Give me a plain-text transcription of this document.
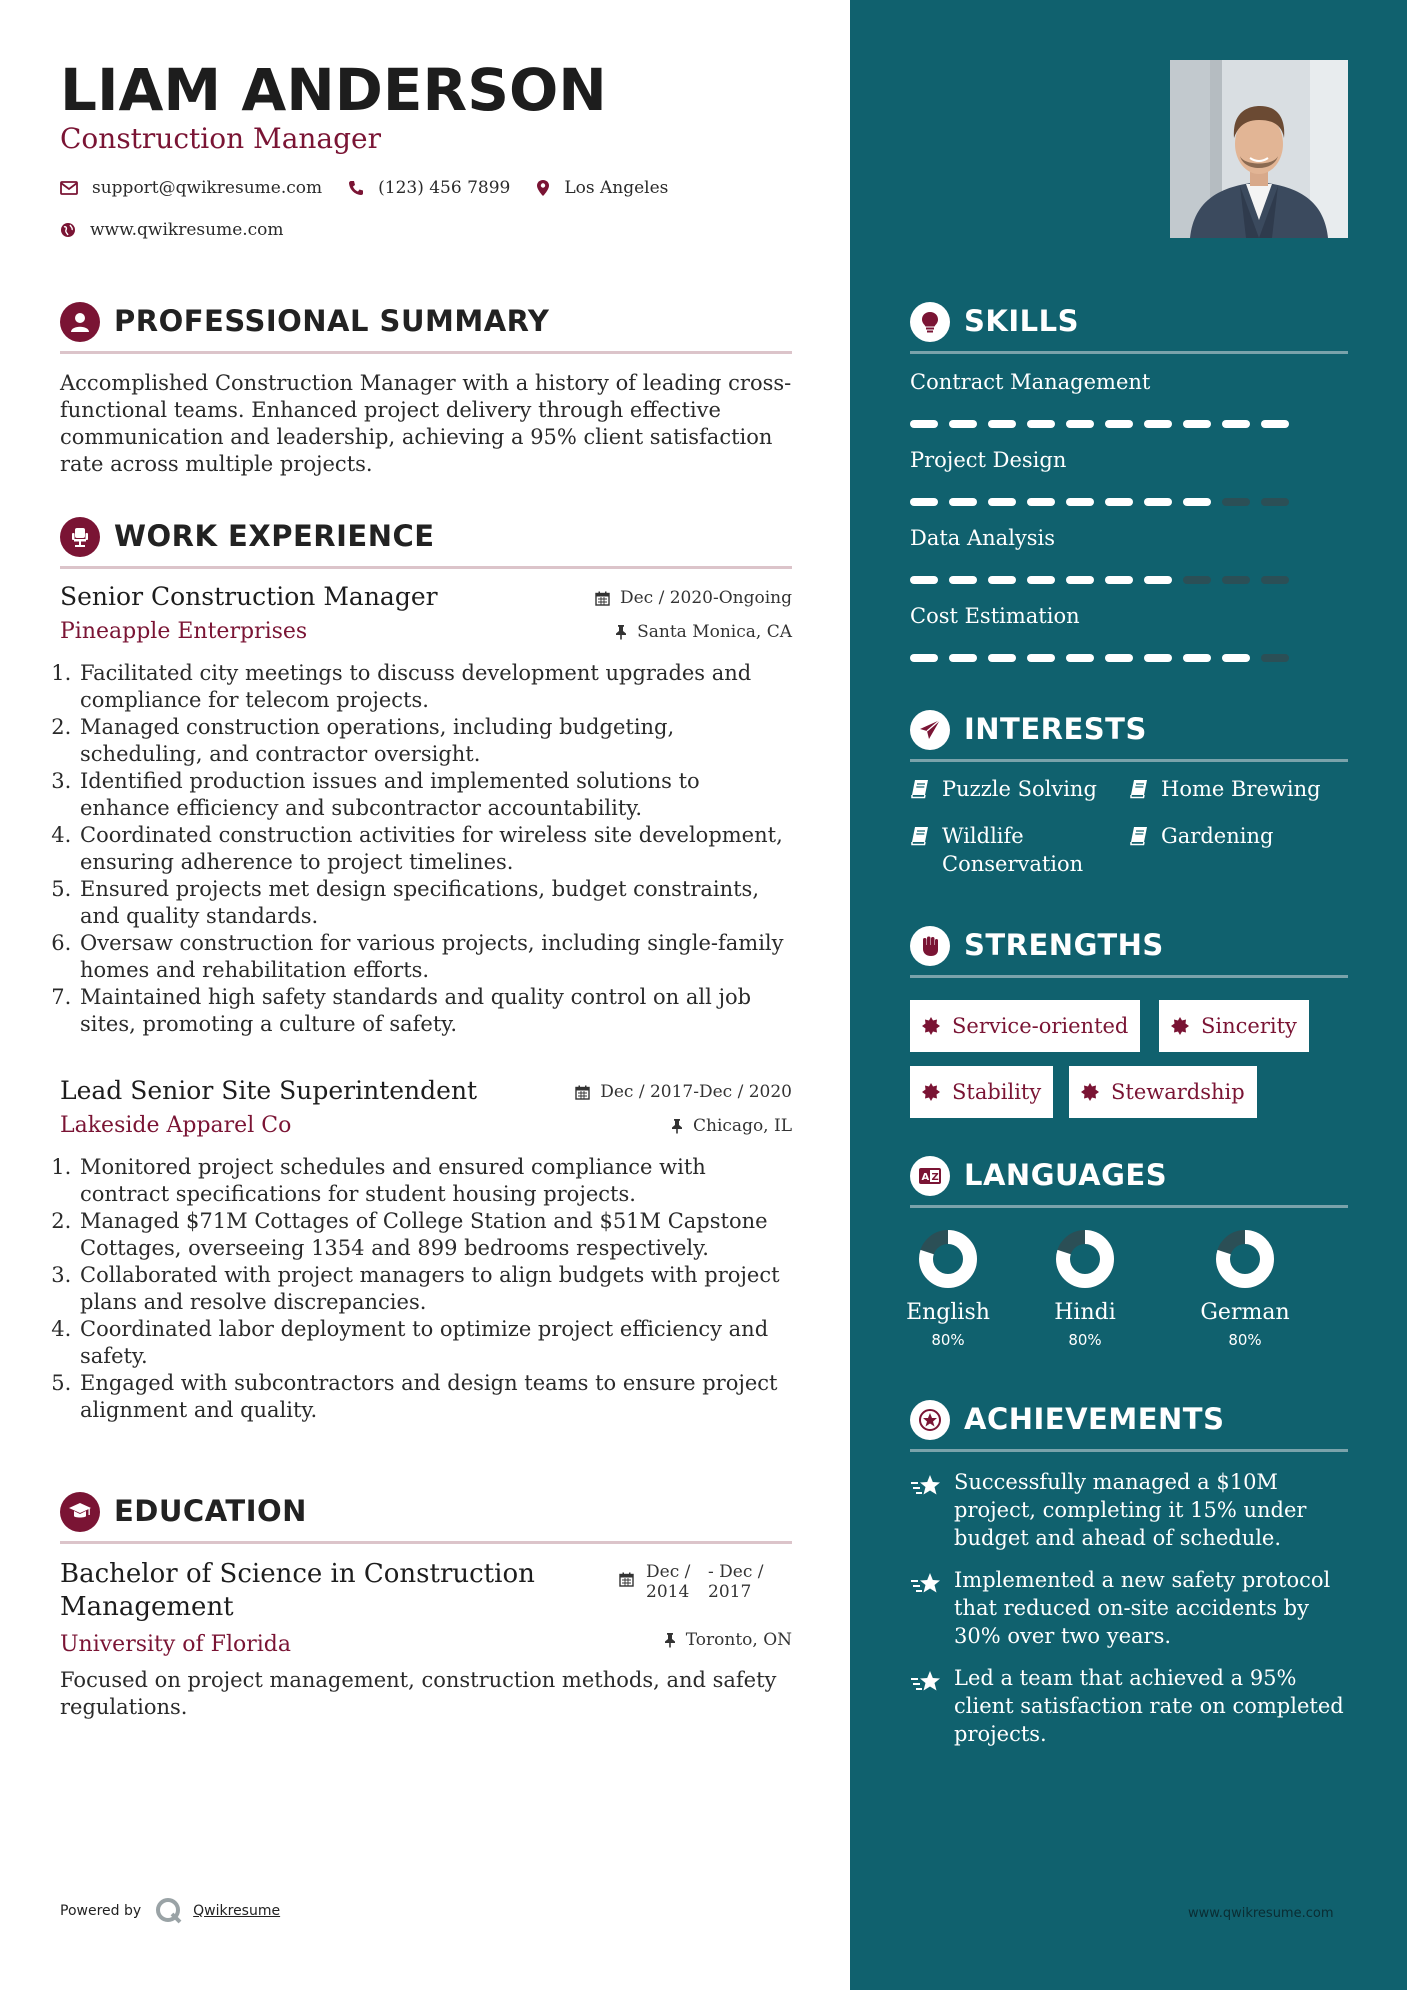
LIAM ANDERSON
Construction Manager
support@qwikresume.com	(123) 456 7899	Los Angeles
www.qwikresume.com
PROFESSIONAL SUMMARY
Accomplished Construction Manager with a history of leading cross-functional teams. Enhanced project delivery through effective communication and leadership, achieving a 95% client satisfaction rate across multiple projects.
WORK EXPERIENCE
Senior Construction Manager
Pineapple Enterprises
Dec / 2020-Ongoing
Santa Monica, CA
1. Facilitated city meetings to discuss development upgrades and compliance for telecom projects.
2. Managed construction operations, including budgeting, scheduling, and contractor oversight.
3. Identified production issues and implemented solutions to enhance efficiency and subcontractor accountability.
4. Coordinated construction activities for wireless site development, ensuring adherence to project timelines.
5. Ensured projects met design specifications, budget constraints, and quality standards.
6. Oversaw construction for various projects, including single-family homes and rehabilitation efforts.
7. Maintained high safety standards and quality control on all job sites, promoting a culture of safety.
Lead Senior Site Superintendent
Lakeside Apparel Co
Dec / 2017-Dec / 2020
Chicago, IL
1. Monitored project schedules and ensured compliance with contract specifications for student housing projects.
2. Managed $71M Cottages of College Station and $51M Capstone Cottages, overseeing 1354 and 899 bedrooms respectively.
3. Collaborated with project managers to align budgets with project plans and resolve discrepancies.
4. Coordinated labor deployment to optimize project efficiency and safety.
5. Engaged with subcontractors and design teams to ensure project alignment and quality.
EDUCATION
Bachelor of Science in Construction Management
University of Florida
Focused on project management, construction methods, and safety regulations.
Dec / 2014
- Dec / 2017
Toronto, ON
Powered by	Qwikresume
SKILLS
Contract Management
Project Design
Data Analysis
Cost Estimation
INTERESTS
Puzzle Solving	Home Brewing
Wildlife Conservation
Gardening
STRENGTHS
Service-oriented	Sincerity
Stability	Stewardship
A Z LANGUAGES
English
80%
Hindi
80%
German
80%
ACHIEVEMENTS
Successfully managed a $10M project, completing it 15% under budget and ahead of schedule.
Implemented a new safety protocol that reduced on-site accidents by 30% over two years.
Led a team that achieved a 95% client satisfaction rate on completed projects.
www.qwikresume.com
